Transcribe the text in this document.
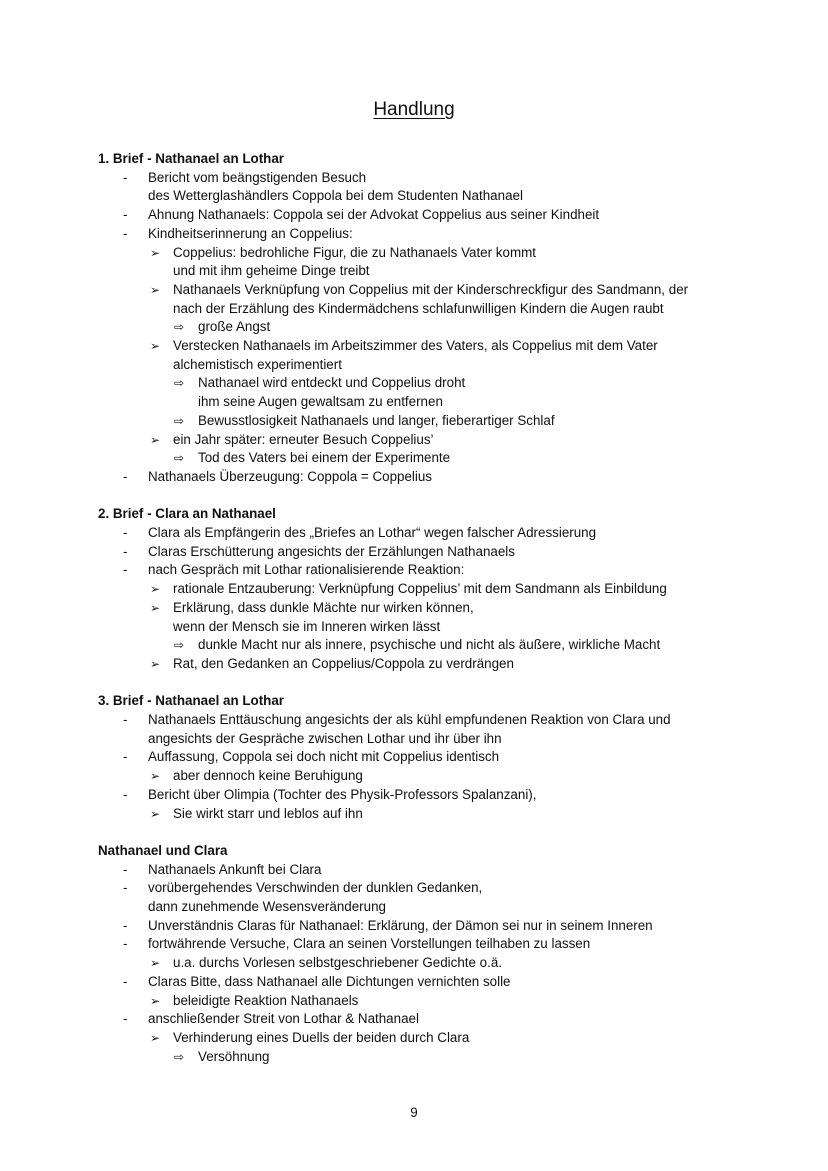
Handlung
1. Brief - Nathanael an Lothar
- Bericht vom beängstigenden Besuch
des Wetterglashändlers Coppola bei dem Studenten Nathanael
- Ahnung Nathanaels: Coppola sei der Advokat Coppelius aus seiner Kindheit
- Kindheitserinnerung an Coppelius:
➢ Coppelius: bedrohliche Figur, die zu Nathanaels Vater kommt
und mit ihm geheime Dinge treibt
➢ Nathanaels Verknüpfung von Coppelius mit der Kinderschreckfigur des Sandmann, der
nach der Erzählung des Kindermädchens schlafunwilligen Kindern die Augen raubt
⇨ große Angst
➢ Verstecken Nathanaels im Arbeitszimmer des Vaters, als Coppelius mit dem Vater
alchemistisch experimentiert
⇨ Nathanael wird entdeckt und Coppelius droht
ihm seine Augen gewaltsam zu entfernen
⇨ Bewusstlosigkeit Nathanaels und langer, fieberartiger Schlaf
➢ ein Jahr später: erneuter Besuch Coppelius’
⇨ Tod des Vaters bei einem der Experimente
- Nathanaels Überzeugung: Coppola = Coppelius
2. Brief - Clara an Nathanael
- Clara als Empfängerin des „Briefes an Lothar“ wegen falscher Adressierung
- Claras Erschütterung angesichts der Erzählungen Nathanaels
- nach Gespräch mit Lothar rationalisierende Reaktion:
➢ rationale Entzauberung: Verknüpfung Coppelius’ mit dem Sandmann als Einbildung
➢ Erklärung, dass dunkle Mächte nur wirken können,
wenn der Mensch sie im Inneren wirken lässt
⇨ dunkle Macht nur als innere, psychische und nicht als äußere, wirkliche Macht
➢ Rat, den Gedanken an Coppelius/Coppola zu verdrängen
3. Brief - Nathanael an Lothar
- Nathanaels Enttäuschung angesichts der als kühl empfundenen Reaktion von Clara und
angesichts der Gespräche zwischen Lothar und ihr über ihn
- Auffassung, Coppola sei doch nicht mit Coppelius identisch
➢ aber dennoch keine Beruhigung
- Bericht über Olimpia (Tochter des Physik-Professors Spalanzani),
➢ Sie wirkt starr und leblos auf ihn
Nathanael und Clara
- Nathanaels Ankunft bei Clara
- vorübergehendes Verschwinden der dunklen Gedanken,
dann zunehmende Wesensveränderung
- Unverständnis Claras für Nathanael: Erklärung, der Dämon sei nur in seinem Inneren
- fortwährende Versuche, Clara an seinen Vorstellungen teilhaben zu lassen
➢ u.a. durchs Vorlesen selbstgeschriebener Gedichte o.ä.
- Claras Bitte, dass Nathanael alle Dichtungen vernichten solle
➢ beleidigte Reaktion Nathanaels
- anschließender Streit von Lothar & Nathanael
➢ Verhinderung eines Duells der beiden durch Clara
⇨ Versöhnung
9
